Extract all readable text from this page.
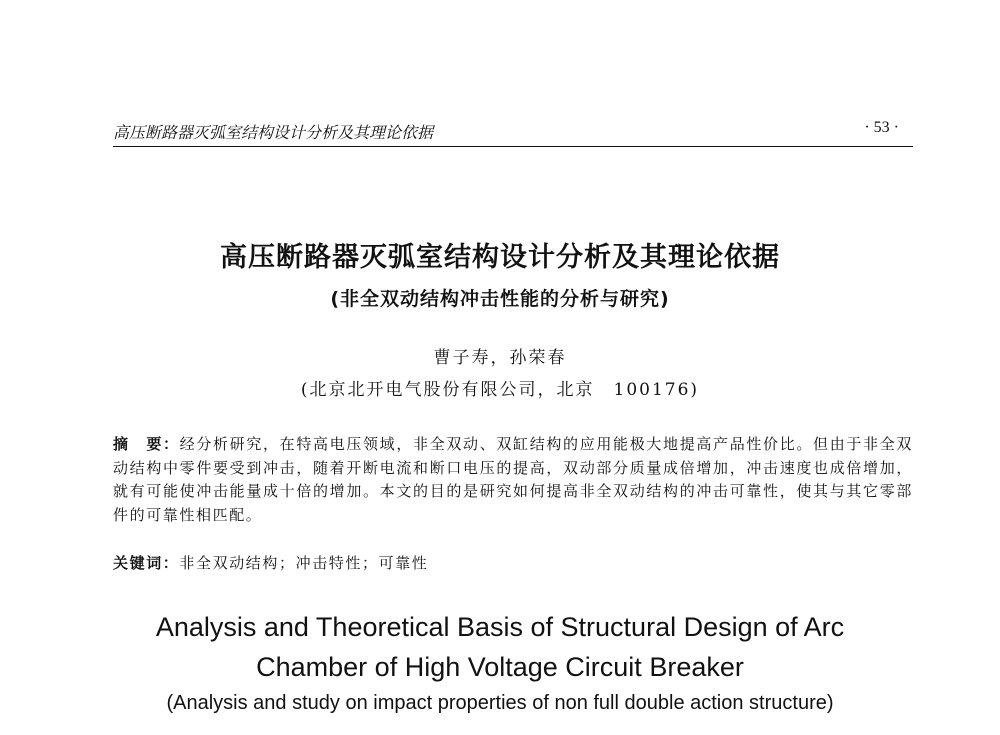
高压断路器灭弧室结构设计分析及其理论依据	· 53 ·
高压断路器灭弧室结构设计分析及其理论依据
(非全双动结构冲击性能的分析与研究)
曹子寿，孙荣春
(北京北开电气股份有限公司，北京　100176)
摘　要：经分析研究，在特高电压领域，非全双动、双缸结构的应用能极大地提高产品性价比。但由于非全双动结构中零件要受到冲击，随着开断电流和断口电压的提高，双动部分质量成倍增加，冲击速度也成倍增加，就有可能使冲击能量成十倍的增加。本文的目的是研究如何提高非全双动结构的冲击可靠性，使其与其它零部件的可靠性相匹配。
关键词：非全双动结构；冲击特性；可靠性
Analysis and Theoretical Basis of Structural Design of Arc
Chamber of High Voltage Circuit Breaker
(Analysis and study on impact properties of non full double action structure)
